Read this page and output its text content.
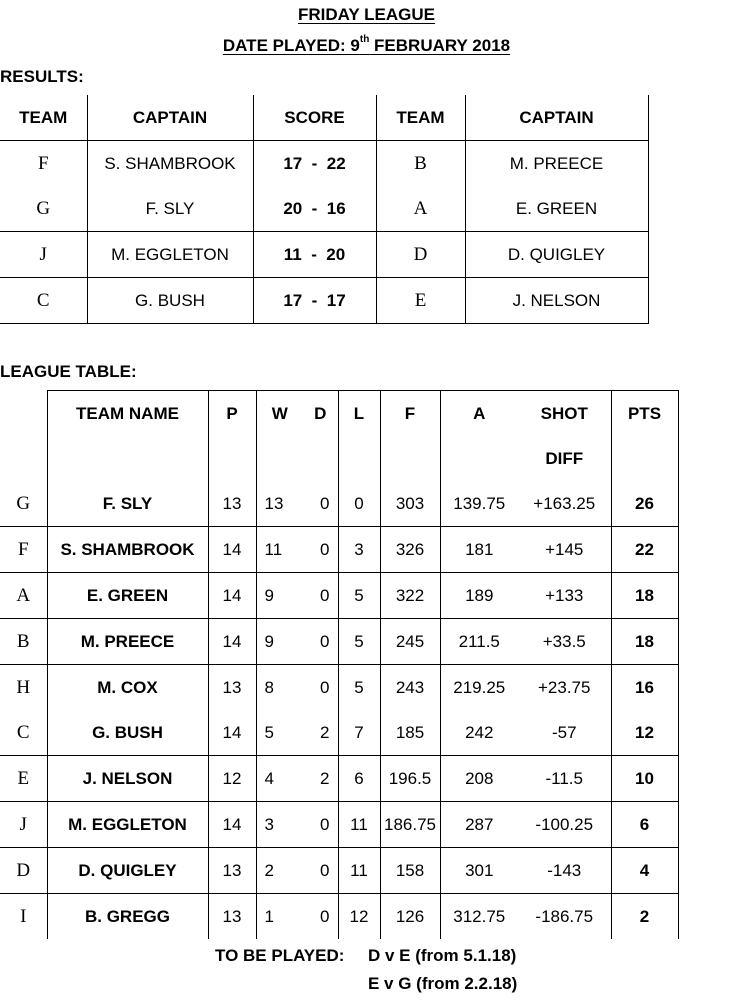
FRIDAY LEAGUE
DATE PLAYED: 9th FEBRUARY 2018
RESULTS:
TEAM	CAPTAIN	SCORE	TEAM	CAPTAIN
F	S. SHAMBROOK	17  -  22	B	M. PREECE
G	F. SLY	20  -  16	A	E. GREEN
J	M. EGGLETON	11  -  20	D	D. QUIGLEY
C	G. BUSH	17  -  17	E	J. NELSON
LEAGUE TABLE:
	TEAM NAME	P	W	D	L	F	A	SHOT	PTS
								DIFF	
G	F. SLY	13	13	0	0	303	139.75	+163.25	26
F	S. SHAMBROOK	14	11	0	3	326	181	+145	22
A	E. GREEN	14	9	0	5	322	189	+133	18
B	M. PREECE	14	9	0	5	245	211.5	+33.5	18
H	M. COX	13	8	0	5	243	219.25	+23.75	16
C	G. BUSH	14	5	2	7	185	242	-57	12
E	J. NELSON	12	4	2	6	196.5	208	-11.5	10
J	M. EGGLETON	14	3	0	11	186.75	287	-100.25	6
D	D. QUIGLEY	13	2	0	11	158	301	-143	4
I	B. GREGG	13	1	0	12	126	312.75	-186.75	2
TO BE PLAYED: D v E (from 5.1.18)
E v G (from 2.2.18)
